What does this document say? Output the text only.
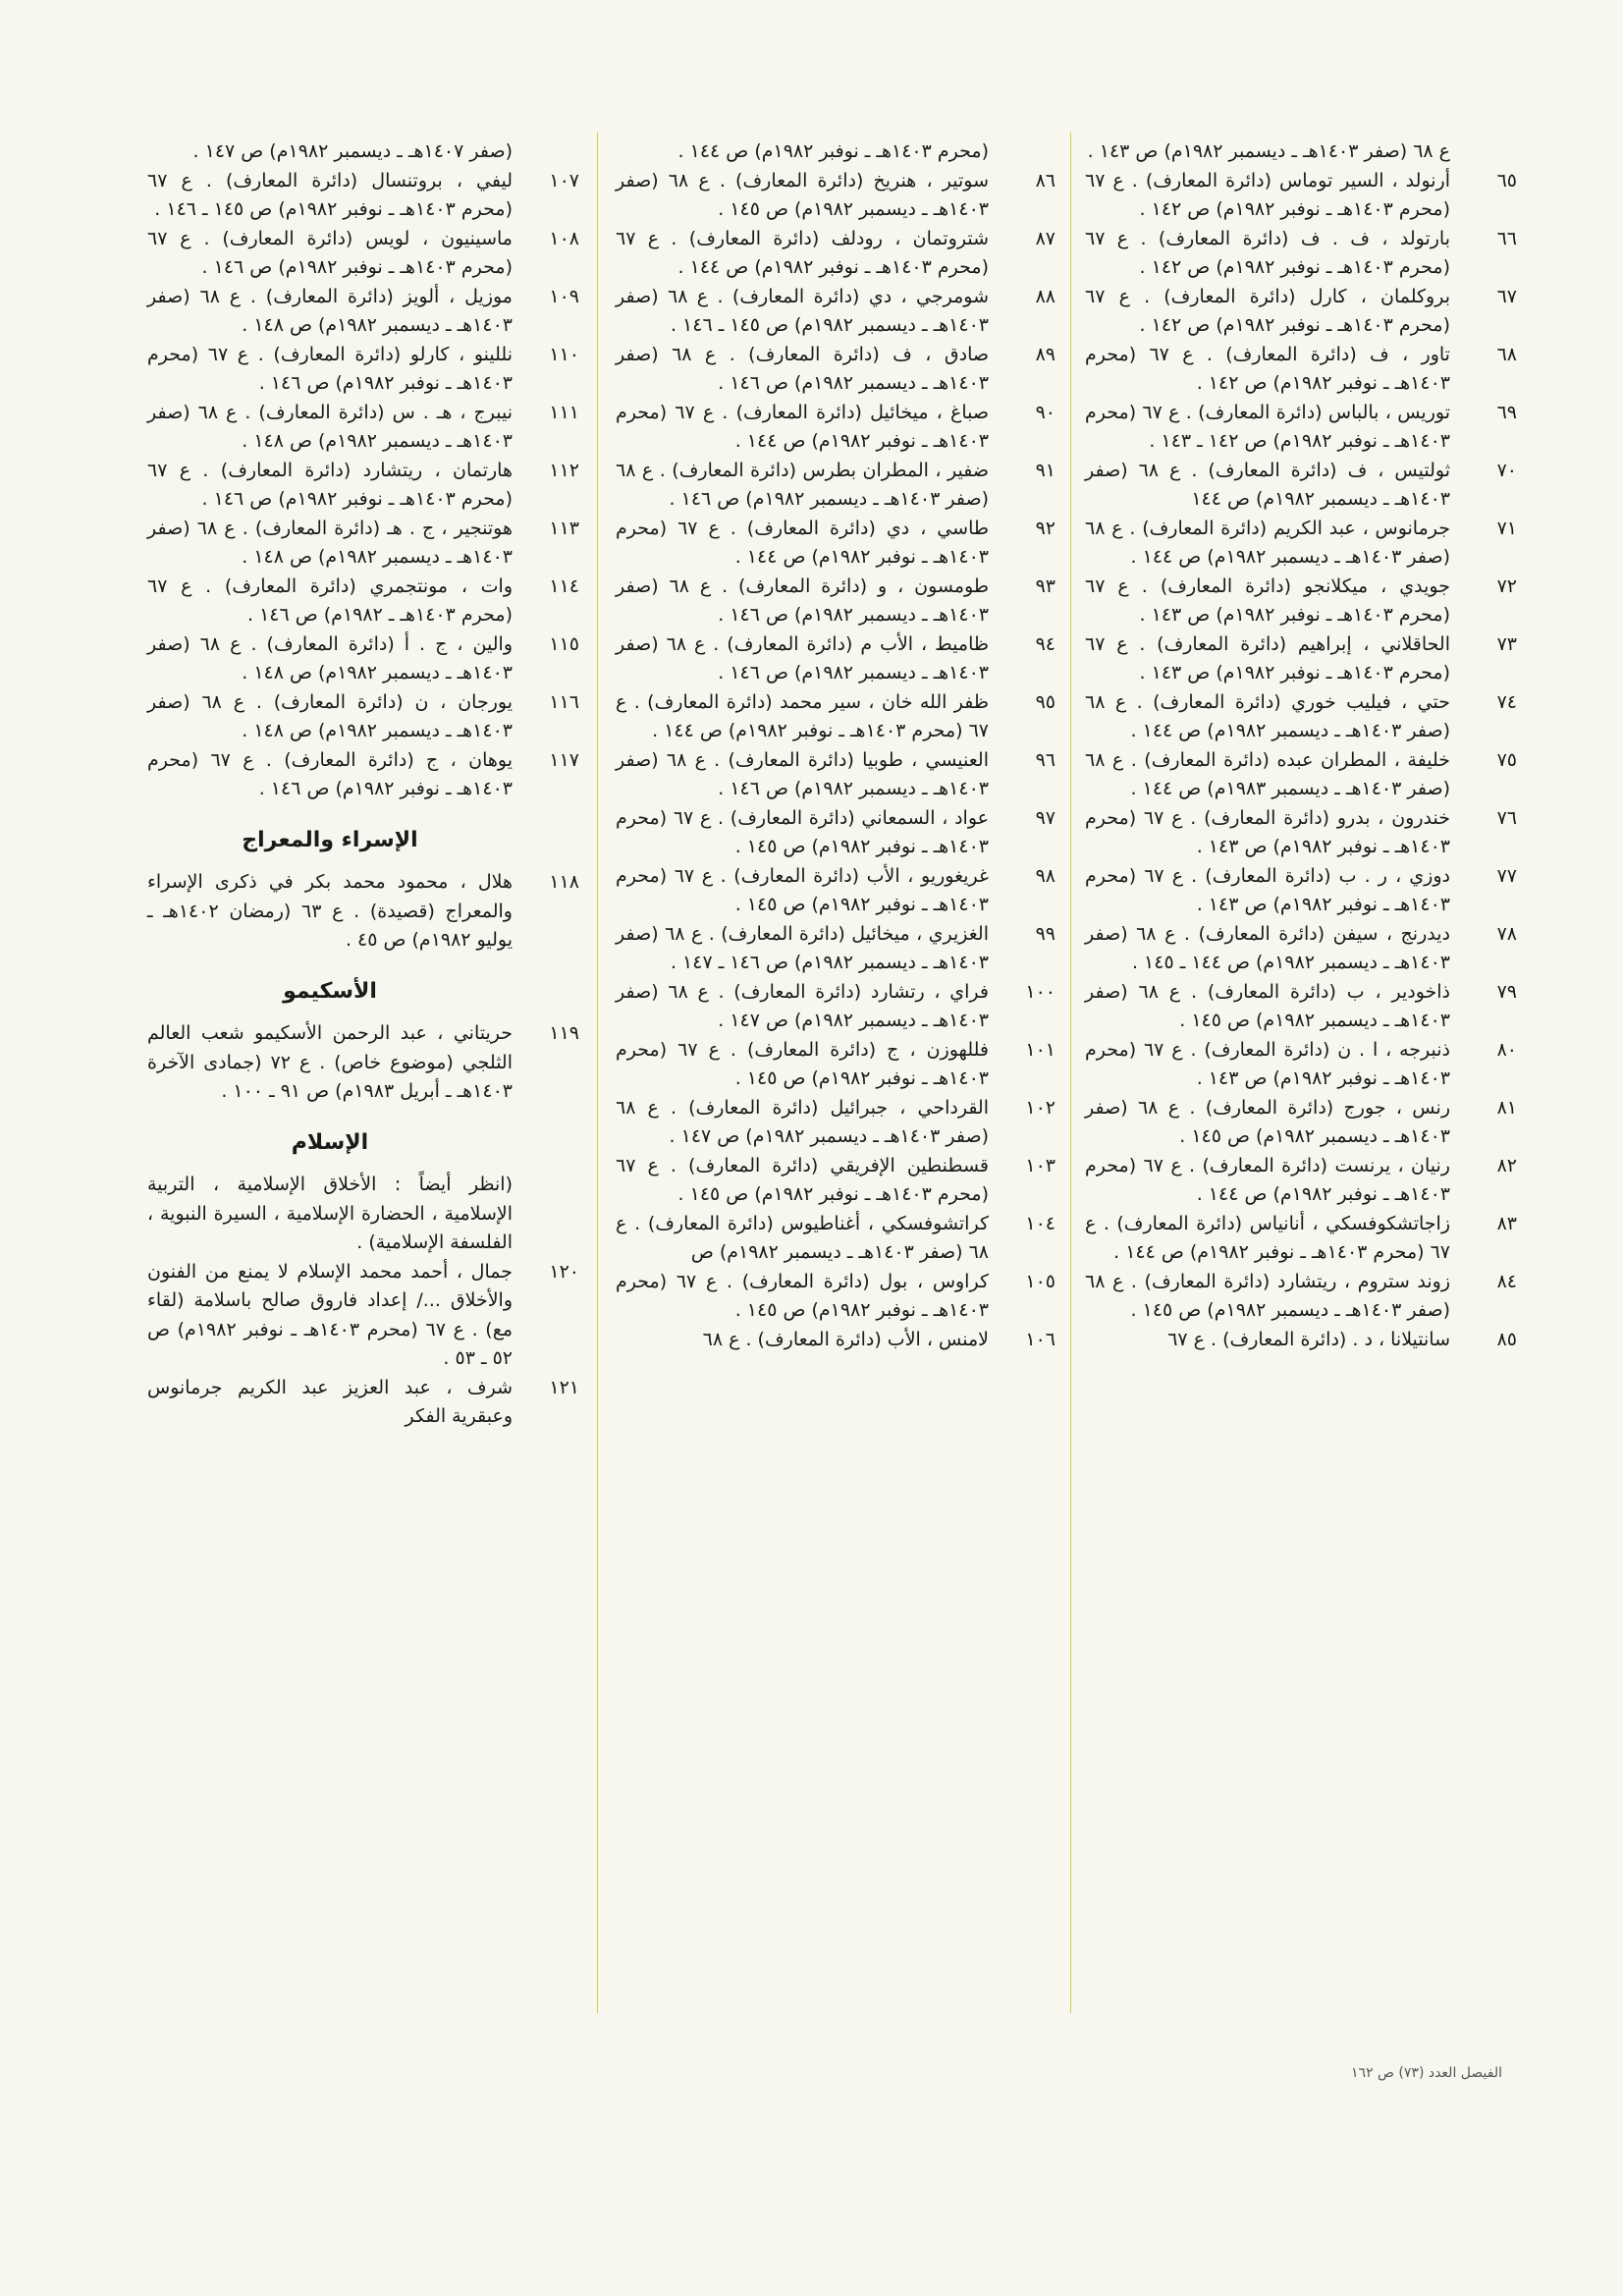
ع ٦٨ (صفر ١٤٠٣هـ ـ ديسمبر ١٩٨٢م) ص ١٤٣ .
٦٥
أرنولد ، السير توماس (دائرة المعارف) . ع ٦٧ (محرم ١٤٠٣هـ ـ نوفبر ١٩٨٢م) ص ١٤٢ .
٦٦
بارتولد ، ف . ف (دائرة المعارف) . ع ٦٧ (محرم ١٤٠٣هـ ـ نوفبر ١٩٨٢م) ص ١٤٢ .
٦٧
بروكلمان ، كارل (دائرة المعارف) . ع ٦٧ (محرم ١٤٠٣هـ ـ نوفبر ١٩٨٢م) ص ١٤٢ .
٦٨
تاور ، ف (دائرة المعارف) . ع ٦٧ (محرم ١٤٠٣هـ ـ نوفبر ١٩٨٢م) ص ١٤٢ .
٦٩
توريس ، بالباس (دائرة المعارف) . ع ٦٧ (محرم ١٤٠٣هـ ـ نوفبر ١٩٨٢م) ص ١٤٢ ـ ١٤٣ .
٧٠
ثولتيس ، ف (دائرة المعارف) . ع ٦٨ (صفر ١٤٠٣هـ ـ ديسمبر ١٩٨٢م) ص ١٤٤
٧١
جرمانوس ، عبد الكريم (دائرة المعارف) . ع ٦٨ (صفر ١٤٠٣هـ ـ ديسمبر ١٩٨٢م) ص ١٤٤ .
٧٢
جويدي ، ميكلانجو (دائرة المعارف) . ع ٦٧ (محرم ١٤٠٣هـ ـ نوفبر ١٩٨٢م) ص ١٤٣ .
٧٣
الحاقلاني ، إبراهيم (دائرة المعارف) . ع ٦٧ (محرم ١٤٠٣هـ ـ نوفبر ١٩٨٢م) ص ١٤٣ .
٧٤
حتي ، فيليب خوري (دائرة المعارف) . ع ٦٨ (صفر ١٤٠٣هـ ـ ديسمبر ١٩٨٢م) ص ١٤٤ .
٧٥
خليفة ، المطران عبده (دائرة المعارف) . ع ٦٨ (صفر ١٤٠٣هـ ـ ديسمبر ١٩٨٣م) ص ١٤٤ .
٧٦
خندرون ، بدرو (دائرة المعارف) . ع ٦٧ (محرم ١٤٠٣هـ ـ نوفبر ١٩٨٢م) ص ١٤٣ .
٧٧
دوزي ، ر . ب (دائرة المعارف) . ع ٦٧ (محرم ١٤٠٣هـ ـ نوفبر ١٩٨٢م) ص ١٤٣ .
٧٨
ديدرنج ، سيفن (دائرة المعارف) . ع ٦٨ (صفر ١٤٠٣هـ ـ ديسمبر ١٩٨٢م) ص ١٤٤ ـ ١٤٥ .
٧٩
ذاخودير ، ب (دائرة المعارف) . ع ٦٨ (صفر ١٤٠٣هـ ـ ديسمبر ١٩٨٢م) ص ١٤٥ .
٨٠
ذنبرجه ، ا . ن (دائرة المعارف) . ع ٦٧ (محرم ١٤٠٣هـ ـ نوفبر ١٩٨٢م) ص ١٤٣ .
٨١
رنس ، جورج (دائرة المعارف) . ع ٦٨ (صفر ١٤٠٣هـ ـ ديسمبر ١٩٨٢م) ص ١٤٥ .
٨٢
رنيان ، يرنست (دائرة المعارف) . ع ٦٧ (محرم ١٤٠٣هـ ـ نوفبر ١٩٨٢م) ص ١٤٤ .
٨٣
زاجاتشكوفسكي ، أنانياس (دائرة المعارف) . ع ٦٧ (محرم ١٤٠٣هـ ـ نوفبر ١٩٨٢م) ص ١٤٤ .
٨٤
زوند ستروم ، ريتشارد (دائرة المعارف) . ع ٦٨ (صفر ١٤٠٣هـ ـ ديسمبر ١٩٨٢م) ص ١٤٥ .
٨٥
سانتيلانا ، د . (دائرة المعارف) . ع ٦٧
(محرم ١٤٠٣هـ ـ نوفبر ١٩٨٢م) ص ١٤٤ .
٨٦
سوتير ، هنريخ (دائرة المعارف) . ع ٦٨ (صفر ١٤٠٣هـ ـ ديسمبر ١٩٨٢م) ص ١٤٥ .
٨٧
شتروتمان ، رودلف (دائرة المعارف) . ع ٦٧ (محرم ١٤٠٣هـ ـ نوفبر ١٩٨٢م) ص ١٤٤ .
٨٨
شومرجي ، دي (دائرة المعارف) . ع ٦٨ (صفر ١٤٠٣هـ ـ ديسمبر ١٩٨٢م) ص ١٤٥ ـ ١٤٦ .
٨٩
صادق ، ف (دائرة المعارف) . ع ٦٨ (صفر ١٤٠٣هـ ـ ديسمبر ١٩٨٢م) ص ١٤٦ .
٩٠
صباغ ، ميخائيل (دائرة المعارف) . ع ٦٧ (محرم ١٤٠٣هـ ـ نوفبر ١٩٨٢م) ص ١٤٤ .
٩١
ضفير ، المطران بطرس (دائرة المعارف) . ع ٦٨ (صفر ١٤٠٣هـ ـ ديسمبر ١٩٨٢م) ص ١٤٦ .
٩٢
طاسي ، دي (دائرة المعارف) . ع ٦٧ (محرم ١٤٠٣هـ ـ نوفبر ١٩٨٢م) ص ١٤٤ .
٩٣
طومسون ، و (دائرة المعارف) . ع ٦٨ (صفر ١٤٠٣هـ ـ ديسمبر ١٩٨٢م) ص ١٤٦ .
٩٤
ظاميط ، الأب م (دائرة المعارف) . ع ٦٨ (صفر ١٤٠٣هـ ـ ديسمبر ١٩٨٢م) ص ١٤٦ .
٩٥
ظفر الله خان ، سير محمد (دائرة المعارف) . ع ٦٧ (محرم ١٤٠٣هـ ـ نوفبر ١٩٨٢م) ص ١٤٤ .
٩٦
العنيسي ، طوبيا (دائرة المعارف) . ع ٦٨ (صفر ١٤٠٣هـ ـ ديسمبر ١٩٨٢م) ص ١٤٦ .
٩٧
عواد ، السمعاني (دائرة المعارف) . ع ٦٧ (محرم ١٤٠٣هـ ـ نوفبر ١٩٨٢م) ص ١٤٥ .
٩٨
غريغوريو ، الأب (دائرة المعارف) . ع ٦٧ (محرم ١٤٠٣هـ ـ نوفبر ١٩٨٢م) ص ١٤٥ .
٩٩
الغزيري ، ميخائيل (دائرة المعارف) . ع ٦٨ (صفر ١٤٠٣هـ ـ ديسمبر ١٩٨٢م) ص ١٤٦ ـ ١٤٧ .
١٠٠
فراي ، رتشارد (دائرة المعارف) . ع ٦٨ (صفر ١٤٠٣هـ ـ ديسمبر ١٩٨٢م) ص ١٤٧ .
١٠١
فللهوزن ، ج (دائرة المعارف) . ع ٦٧ (محرم ١٤٠٣هـ ـ نوفبر ١٩٨٢م) ص ١٤٥ .
١٠٢
القرداحي ، جبرائيل (دائرة المعارف) . ع ٦٨ (صفر ١٤٠٣هـ ـ ديسمبر ١٩٨٢م) ص ١٤٧ .
١٠٣
قسطنطين الإفريقي (دائرة المعارف) . ع ٦٧ (محرم ١٤٠٣هـ ـ نوفبر ١٩٨٢م) ص ١٤٥ .
١٠٤
كراتشوفسكي ، أغناطيوس (دائرة المعارف) . ع ٦٨ (صفر ١٤٠٣هـ ـ ديسمبر ١٩٨٢م) ص
١٠٥
كراوس ، بول (دائرة المعارف) . ع ٦٧ (محرم ١٤٠٣هـ ـ نوفبر ١٩٨٢م) ص ١٤٥ .
١٠٦
لامنس ، الأب (دائرة المعارف) . ع ٦٨
(صفر ١٤٠٧هـ ـ ديسمبر ١٩٨٢م) ص ١٤٧ .
١٠٧
ليفي ، بروتنسال (دائرة المعارف) . ع ٦٧ (محرم ١٤٠٣هـ ـ نوفبر ١٩٨٢م) ص ١٤٥ ـ ١٤٦ .
١٠٨
ماسينيون ، لويس (دائرة المعارف) . ع ٦٧ (محرم ١٤٠٣هـ ـ نوفبر ١٩٨٢م) ص ١٤٦ .
١٠٩
موزيل ، ألويز (دائرة المعارف) . ع ٦٨ (صفر ١٤٠٣هـ ـ ديسمبر ١٩٨٢م) ص ١٤٨ .
١١٠
نللينو ، كارلو (دائرة المعارف) . ع ٦٧ (محرم ١٤٠٣هـ ـ نوفبر ١٩٨٢م) ص ١٤٦ .
١١١
نيبرج ، هـ . س (دائرة المعارف) . ع ٦٨ (صفر ١٤٠٣هـ ـ ديسمبر ١٩٨٢م) ص ١٤٨ .
١١٢
هارتمان ، ريتشارد (دائرة المعارف) . ع ٦٧ (محرم ١٤٠٣هـ ـ نوفبر ١٩٨٢م) ص ١٤٦ .
١١٣
هوتنجير ، ج . هـ (دائرة المعارف) . ع ٦٨ (صفر ١٤٠٣هـ ـ ديسمبر ١٩٨٢م) ص ١٤٨ .
١١٤
وات ، مونتجمري (دائرة المعارف) . ع ٦٧ (محرم ١٤٠٣هـ ـ ١٩٨٢م) ص ١٤٦ .
١١٥
والين ، ج . أ (دائرة المعارف) . ع ٦٨ (صفر ١٤٠٣هـ ـ ديسمبر ١٩٨٢م) ص ١٤٨ .
١١٦
يورجان ، ن (دائرة المعارف) . ع ٦٨ (صفر ١٤٠٣هـ ـ ديسمبر ١٩٨٢م) ص ١٤٨ .
١١٧
يوهان ، ج (دائرة المعارف) . ع ٦٧ (محرم ١٤٠٣هـ ـ نوفبر ١٩٨٢م) ص ١٤٦ .
الإسراء والمعراج
١١٨
هلال ، محمود محمد بكر في ذكرى الإسراء والمعراج (قصيدة) . ع ٦٣ (رمضان ١٤٠٢هـ ـ يوليو ١٩٨٢م) ص ٤٥ .
الأسكيمو
١١٩
حريتاني ، عبد الرحمن الأسكيمو شعب العالم الثلجي (موضوع خاص) . ع ٧٢ (جمادى الآخرة ١٤٠٣هـ ـ أبريل ١٩٨٣م) ص ٩١ ـ ١٠٠ .
الإسلام
(انظر أيضاً : الأخلاق الإسلامية ، التربية الإسلامية ، الحضارة الإسلامية ، السيرة النبوية ، الفلسفة الإسلامية) .
١٢٠
جمال ، أحمد محمد الإسلام لا يمنع من الفنون والأخلاق .../ إعداد فاروق صالح باسلامة (لقاء مع) . ع ٦٧ (محرم ١٤٠٣هـ ـ نوفبر ١٩٨٢م) ص ٥٢ ـ ٥٣ .
١٢١
شرف ، عبد العزيز عبد الكريم جرمانوس وعبقرية الفكر
الفيصل العدد (٧٣) ص ١٦٢
